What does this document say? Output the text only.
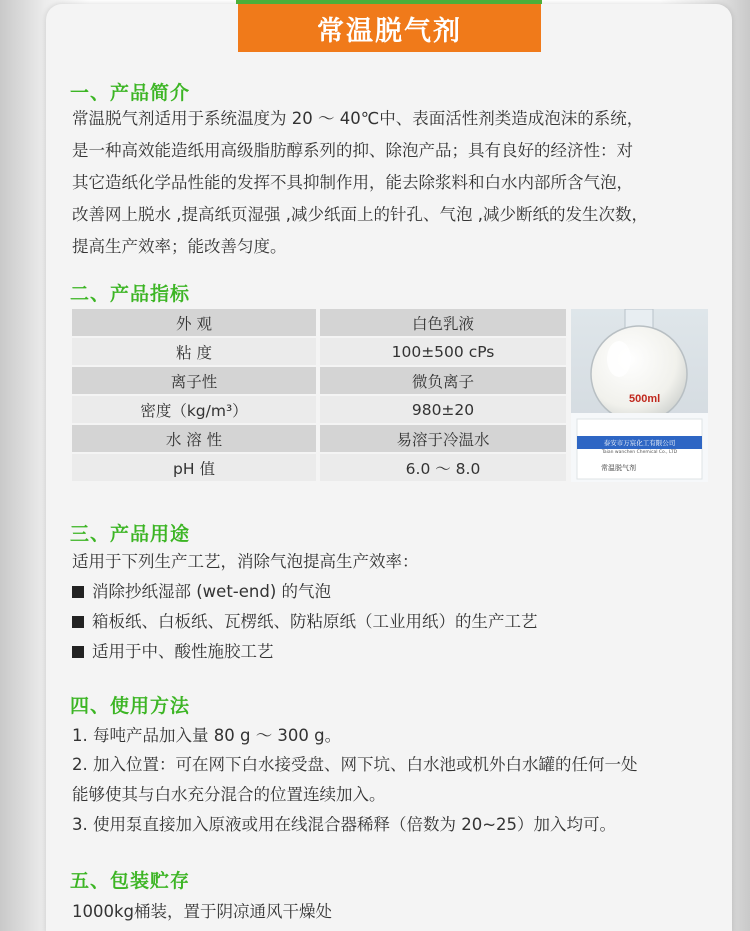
常温脱气剂
一、产品简介
常温脱气剂适用于系统温度为 20 ～ 40℃中、表面活性剂类造成泡沫的系统，
是一种高效能造纸用高级脂肪醇系列的抑、除泡产品；具有良好的经济性：对
其它造纸化学品性能的发挥不具抑制作用，能去除浆料和白水内部所含气泡，
改善网上脱水 ,提高纸页湿强 ,减少纸面上的针孔、气泡 ,减少断纸的发生次数，
提高生产效率；能改善匀度。
二、产品指标
外 观	白色乳液
粘 度	100±500 cPs
离子性	微负离子
密度（kg/m³）	980±20
水 溶 性	易溶于冷温水
pH 值	6.0 ～ 8.0
500ml
泰安市万宸化工有限公司
Taian wanchen Chemical Co., LTD
常温脱气剂
三、产品用途
适用于下列生产工艺，消除气泡提高生产效率：
消除抄纸湿部 (wet-end) 的气泡
箱板纸、白板纸、瓦楞纸、防粘原纸（工业用纸）的生产工艺
适用于中、酸性施胶工艺
四、使用方法
1. 每吨产品加入量 80 g ～ 300 g。
2. 加入位置：可在网下白水接受盘、网下坑、白水池或机外白水罐的任何一处
能够使其与白水充分混合的位置连续加入。
3. 使用泵直接加入原液或用在线混合器稀释（倍数为 20~25）加入均可。
五、包装贮存
1000kg桶装，置于阴凉通风干燥处
